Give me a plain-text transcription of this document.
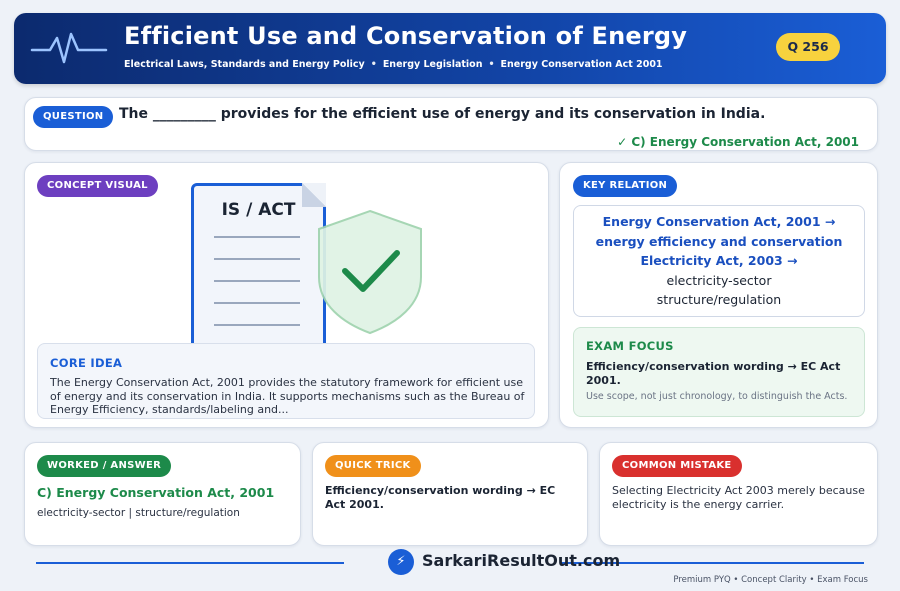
Efficient Use and Conservation of Energy
Electrical Laws, Standards and Energy Policy • Energy Legislation • Energy Conservation Act 2001
Q 256
QUESTION	The _________ provides for the efficient use of energy and its conservation in India.
✓ C) Energy Conservation Act, 2001
CONCEPT VISUAL
IS / ACT
CORE IDEA
The Energy Conservation Act, 2001 provides the statutory framework for efficient use of energy and its conservation in India. It supports mechanisms such as the Bureau of Energy Efficiency, standards/labeling and...
KEY RELATION
Energy Conservation Act, 2001 →
energy efficiency and conservation
Electricity Act, 2003 →
electricity-sector
structure/regulation
EXAM FOCUS
Efficiency/conservation wording → EC Act 2001.
Use scope, not just chronology, to distinguish the Acts.
WORKED / ANSWER
C) Energy Conservation Act, 2001
electricity-sector | structure/regulation
QUICK TRICK
Efficiency/conservation wording → EC Act 2001.
COMMON MISTAKE
Selecting Electricity Act 2003 merely because electricity is the energy carrier.
⚡	SarkariResultOut.com
Premium PYQ • Concept Clarity • Exam Focus
